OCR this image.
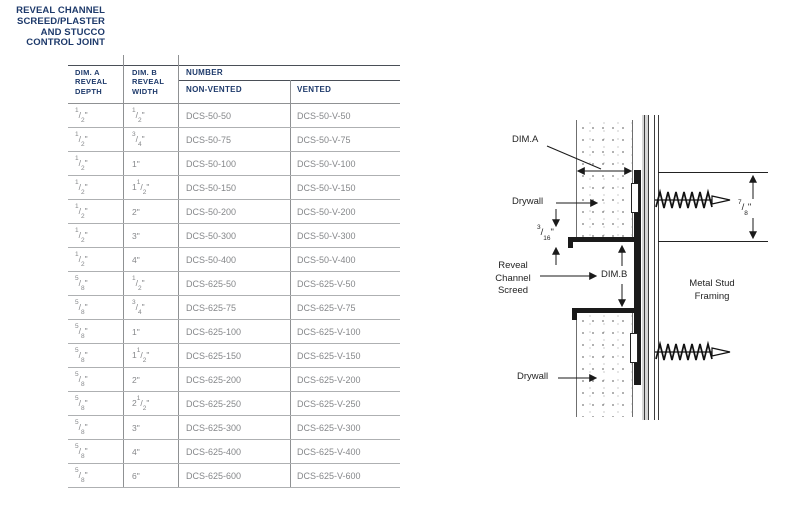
REVEAL CHANNEL
SCREED/PLASTER
AND STUCCO
CONTROL JOINT
DIM. A
REVEAL
DEPTH
DIM. B
REVEAL
WIDTH
NUMBER
NON-VENTED	VENTED
$^1/_2$"	$^1/_2$"	DCS-50-50	DCS-50-V-50
$^1/_2$"	$^3/_4$"	DCS-50-75	DCS-50-V-75
$^1/_2$"	1"	DCS-50-100	DCS-50-V-100
$^1/_2$"	$1^1/_2$"	DCS-50-150	DCS-50-V-150
$^1/_2$"	2"	DCS-50-200	DCS-50-V-200
$^1/_2$"	3"	DCS-50-300	DCS-50-V-300
$^1/_2$"	4"	DCS-50-400	DCS-50-V-400
$^5/_8$"	$^1/_2$"	DCS-625-50	DCS-625-V-50
$^5/_8$"	$^3/_4$"	DCS-625-75	DCS-625-V-75
$^5/_8$"	1"	DCS-625-100	DCS-625-V-100
$^5/_8$"	$1^1/_2$"	DCS-625-150	DCS-625-V-150
$^5/_8$"	2"	DCS-625-200	DCS-625-V-200
$^5/_8$"	$2^1/_2$"	DCS-625-250	DCS-625-V-250
$^5/_8$"	3"	DCS-625-300	DCS-625-V-300
$^5/_8$"	4"	DCS-625-400	DCS-625-V-400
$^5/_8$"	6"	DCS-625-600	DCS-625-V-600
DIM.A
Drywall
$^3/_{16}$"
Reveal Channel Screed
DIM.B
Metal Stud Framing
Drywall
$^7/_8$"
